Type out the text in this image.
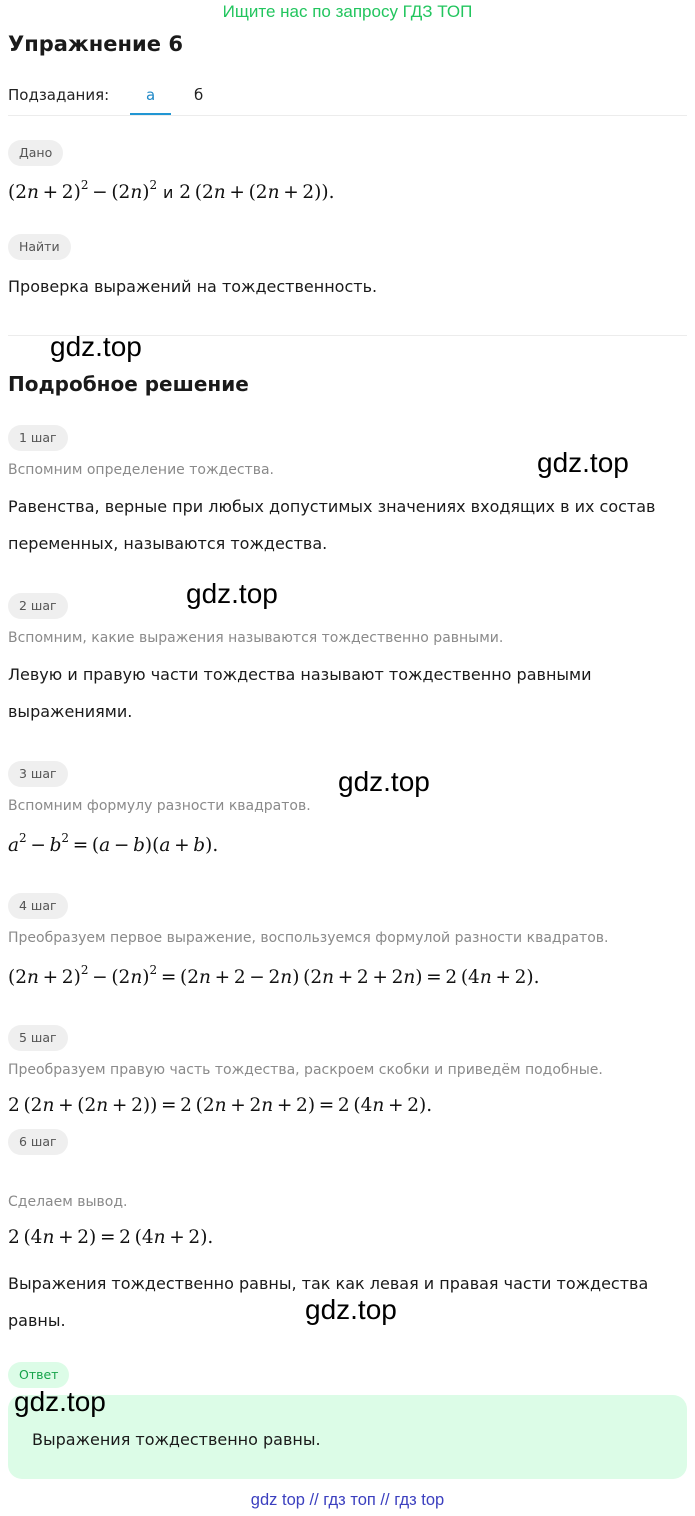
Ищите нас по запросу ГДЗ ТОП
Упражнение 6
Подзадания: а	б
Дано
$(2n + 2)^2 - (2n)^2$ и 2 (2n + (2n + 2)).
Найти
Проверка выражений на тождественность.
gdz.top
Подробное решение
1 шаг
Вспомним определение тождества.	gdz.top
Равенства, верные при любых допустимых значениях входящих в их состав переменных, называются тождества.
2 шаг	gdz.top
Вспомним, какие выражения называются тождественно равными.
Левую и правую части тождества называют тождественно равными выражениями.
3 шаг	gdz.top
Вспомним формулу разности квадратов.
$a^2 - b^2 = (a - b)(a + b)$.
4 шаг
Преобразуем первое выражение, воспользуемся формулой разности квадратов.
$(2n + 2)^2 - (2n)^2 = (2n + 2 - 2n)$ (2n + 2 + 2n) = 2 (4n + 2).
5 шаг
Преобразуем правую часть тождества, раскроем скобки и приведём подобные.
2 (2n + (2n + 2)) = 2 (2n + 2n + 2) = 2 (4n + 2).
6 шаг
Сделаем вывод.
2 (4n + 2) = 2 (4n + 2).
Выражения тождественно равны, так как левая и правая части тождества равны.	gdz.top
Ответ
gdz.top
Выражения тождественно равны.
gdz top // гдз топ // гдз top
